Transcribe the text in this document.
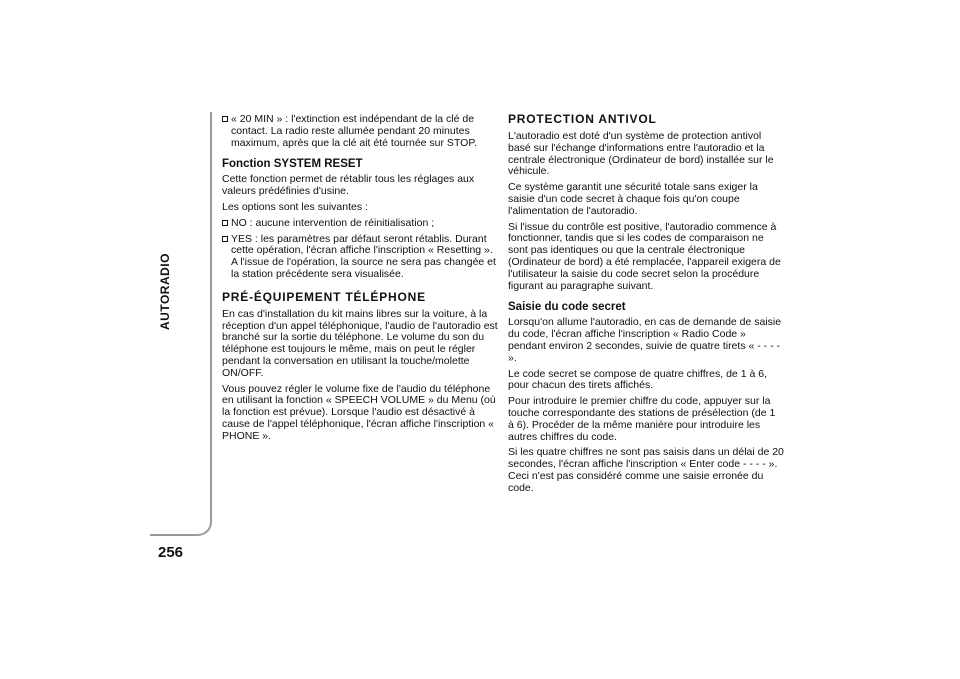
AUTORADIO
256
« 20 MIN » : l'extinction est indépendant de la clé de contact. La radio reste allumée pendant 20 minutes maximum, après que la clé ait été tournée sur STOP.
Fonction SYSTEM RESET

Cette fonction permet de rétablir tous les réglages aux valeurs prédéfinies d'usine.

Les options sont les suivantes :

NO : aucune intervention de réinitialisation ;
YES : les paramètres par défaut seront rétablis. Durant cette opération, l'écran affiche l'inscription « Resetting ». A l'issue de l'opération, la source ne sera pas changée et la station précédente sera visualisée.
PRÉ-ÉQUIPEMENT TÉLÉPHONE

En cas d'installation du kit mains libres sur la voiture, à la réception d'un appel téléphonique, l'audio de l'autoradio est branché sur la sortie du téléphone. Le volume du son du téléphone est toujours le même, mais on peut le régler pendant la conversation en utilisant la touche/molette ON/OFF.

Vous pouvez régler le volume fixe de l'audio du téléphone en utilisant la fonction « SPEECH VOLUME » du Menu (où la fonction est prévue). Lorsque l'audio est désactivé à cause de l'appel téléphonique, l'écran affiche l'inscription « PHONE ».

PROTECTION ANTIVOL

L'autoradio est doté d'un système de protection antivol basé sur l'échange d'informations entre l'autoradio et la centrale électronique (Ordinateur de bord) installée sur le véhicule.

Ce système garantit une sécurité totale sans exiger la saisie d'un code secret à chaque fois qu'on coupe l'alimentation de l'autoradio.

Si l'issue du contrôle est positive, l'autoradio commence à fonctionner, tandis que si les codes de comparaison ne sont pas identiques ou que la centrale électronique (Ordinateur de bord) a été remplacée, l'appareil exigera de l'utilisateur la saisie du code secret selon la procédure figurant au paragraphe suivant.

Saisie du code secret

Lorsqu'on allume l'autoradio, en cas de demande de saisie du code, l'écran affiche l'inscription « Radio Code » pendant environ 2 secondes, suivie de quatre tirets « - - - - ».

Le code secret se compose de quatre chiffres, de 1 à 6, pour chacun des tirets affichés.

Pour introduire le premier chiffre du code, appuyer sur la touche correspondante des stations de présélection (de 1 à 6). Procéder de la même manière pour introduire les autres chiffres du code.

Si les quatre chiffres ne sont pas saisis dans un délai de 20 secondes, l'écran affiche l'inscription « Enter code - - - - ». Ceci n'est pas considéré comme une saisie erronée du code.
